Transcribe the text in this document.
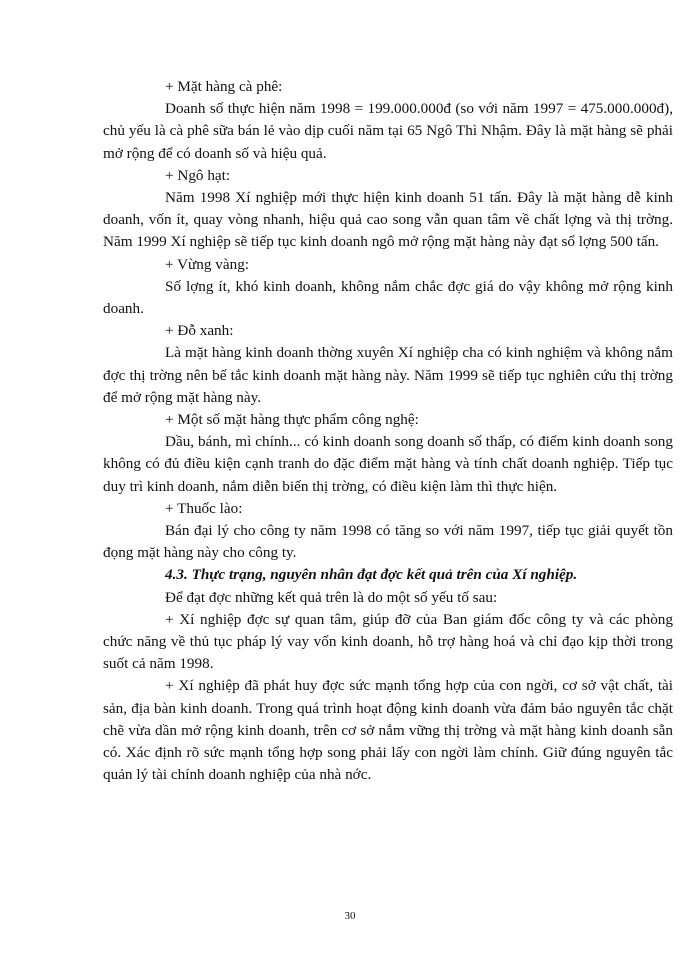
+ Mặt hàng cà phê:

Doanh số thực hiện năm 1998 = 199.000.000đ (so với năm 1997 = 475.000.000đ), chủ yếu là cà phê sữa bán lẻ vào dịp cuối năm tại 65 Ngô Thì Nhậm. Đây là mặt hàng sẽ phải mở rộng để có doanh số và hiệu quả.

+ Ngô hạt:

Năm 1998 Xí nghiệp mới thực hiện kinh doanh 51 tấn. Đây là mặt hàng dễ kinh doanh, vốn ít, quay vòng nhanh, hiệu quả cao song vẫn quan tâm về chất lợng và thị trờng. Năm 1999 Xí nghiệp sẽ tiếp tục kinh doanh ngô mở rộng mặt hàng này đạt số lợng 500 tấn.

+ Vừng vàng:

Số lợng ít, khó kinh doanh, không nắm chắc đợc giá do vậy không mở rộng kinh doanh.

+ Đỗ xanh:

Là mặt hàng kinh doanh thờng xuyên Xí nghiệp cha có kinh nghiệm và không nắm đợc thị trờng nên bế tắc kinh doanh mặt hàng này. Năm 1999 sẽ tiếp tục nghiên cứu thị trờng để mở rộng mặt hàng này.

+ Một số mặt hàng thực phẩm công nghệ:

Dầu, bánh, mì chính... có kinh doanh song doanh số thấp, có điểm kinh doanh song không có đủ điều kiện cạnh tranh do đặc điểm mặt hàng và tính chất doanh nghiệp. Tiếp tục duy trì kinh doanh, nắm diễn biến thị trờng, có điều kiện làm thì thực hiện.

+ Thuốc lào:

Bán đại lý cho công ty năm 1998 có tăng so với năm 1997, tiếp tục giải quyết tồn đọng mặt hàng này cho công ty.

4.3. Thực trạng, nguyên nhân đạt đợc kết quả trên của Xí nghiệp.

Để đạt đợc những kết quả trên là do một số yếu tố sau:

+ Xí nghiệp đợc sự quan tâm, giúp đỡ của Ban giám đốc công ty và các phòng chức năng về thủ tục pháp lý vay vốn kinh doanh, hỗ trợ hàng hoá và chỉ đạo kịp thời trong suốt cả năm 1998.

+ Xí nghiệp đã phát huy đợc sức mạnh tổng hợp của con ngời, cơ sở vật chất, tài sản, địa bàn kinh doanh. Trong quá trình hoạt động kinh doanh vừa đảm bảo nguyên tắc chặt chẽ vừa dần mở rộng kinh doanh, trên cơ sở nắm vững thị trờng và mặt hàng kinh doanh sẵn có. Xác định rõ sức mạnh tổng hợp song phải lấy con ngời làm chính. Giữ đúng nguyên tắc quản lý tài chính doanh nghiệp của nhà nớc.

30
